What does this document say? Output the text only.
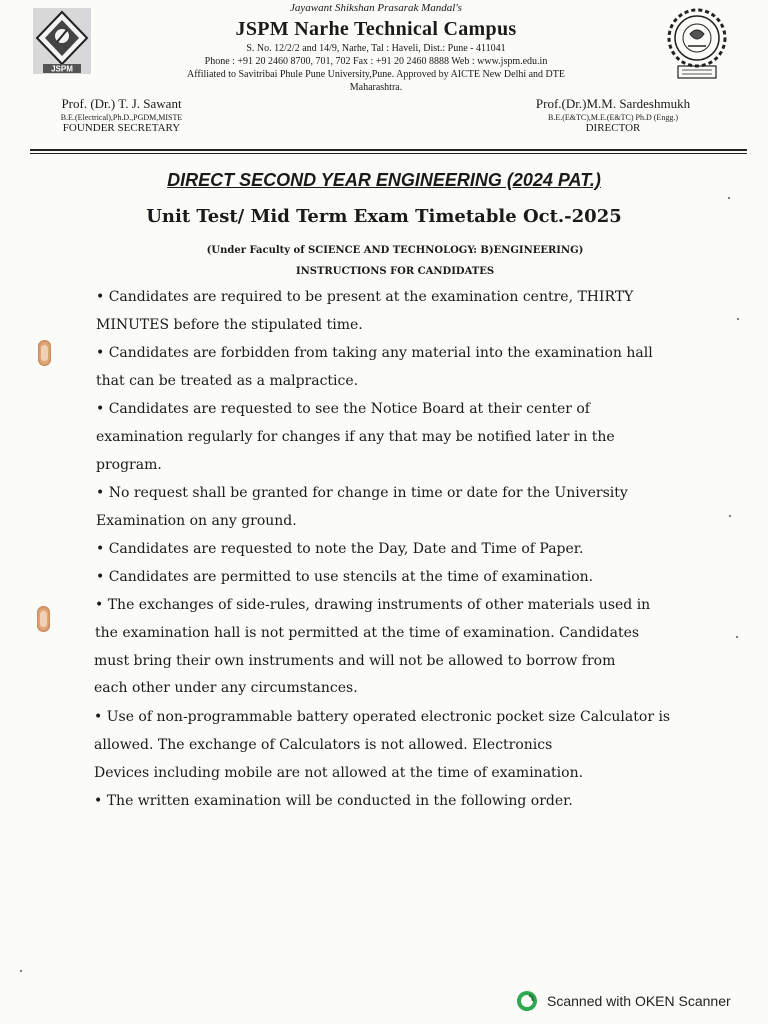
JSPM
Jayawant Shikshan Prasarak Mandal's
JSPM Narhe Technical Campus
S. No. 12/2/2 and 14/9, Narhe, Tal : Haveli, Dist.: Pune - 411041
Phone : +91 20 2460 8700, 701, 702 Fax : +91 20 2460 8888 Web : www.jspm.edu.in
Affiliated to Savitribai Phule Pune University,Pune. Approved by AICTE New Delhi and DTE
Maharashtra.
Prof. (Dr.) T. J. Sawant
B.E.(Electrical),Ph.D.,PGDM,MISTE
FOUNDER SECRETARY
Prof.(Dr.)M.M. Sardeshmukh
B.E.(E&TC),M.E.(E&TC) Ph.D (Engg.)
DIRECTOR
DIRECT SECOND YEAR ENGINEERING (2024 PAT.)
Unit Test/ Mid Term Exam Timetable Oct.-2025
(Under Faculty of SCIENCE AND TECHNOLOGY: B)ENGINEERING)
INSTRUCTIONS FOR CANDIDATES
• Candidates are required to be present at the examination centre, THIRTY
MINUTES before the stipulated time.
• Candidates are forbidden from taking any material into the examination hall
that can be treated as a malpractice.
• Candidates are requested to see the Notice Board at their center of
examination regularly for changes if any that may be notified later in the
program.
• No request shall be granted for change in time or date for the University
Examination on any ground.
• Candidates are requested to note the Day, Date and Time of Paper.
• Candidates are permitted to use stencils at the time of examination.
• The exchanges of side-rules, drawing instruments of other materials used in
the examination hall is not permitted at the time of examination. Candidates
must bring their own instruments and will not be allowed to borrow from
each other under any circumstances.
• Use of non-programmable battery operated electronic pocket size Calculator is
allowed. The exchange of Calculators is not allowed. Electronics
Devices including mobile are not allowed at the time of examination.
• The written examination will be conducted in the following order.
Scanned with OKEN Scanner
